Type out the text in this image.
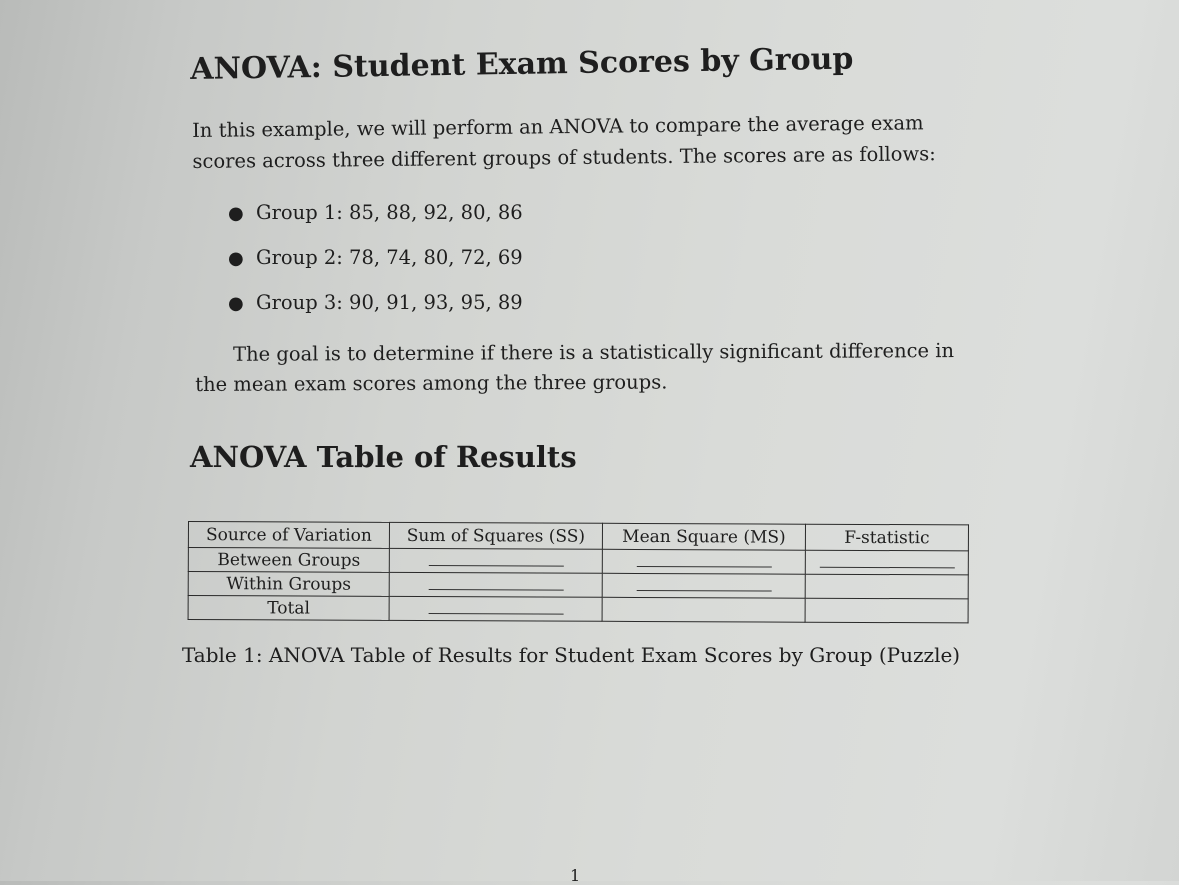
ANOVA: Student Exam Scores by Group

In this example, we will perform an ANOVA to compare the average exam scores across three different groups of students. The scores are as follows:

● Group 1: 85, 88, 92, 80, 86
● Group 2: 78, 74, 80, 72, 69
● Group 3: 90, 91, 93, 95, 89

The goal is to determine if there is a statistically significant difference in the mean exam scores among the three groups.

ANOVA Table of Results
Source of Variation	Sum of Squares (SS)	Mean Square (MS)	F-statistic
Between Groups			
Within Groups			
Total			

Table 1: ANOVA Table of Results for Student Exam Scores by Group (Puzzle)

1
